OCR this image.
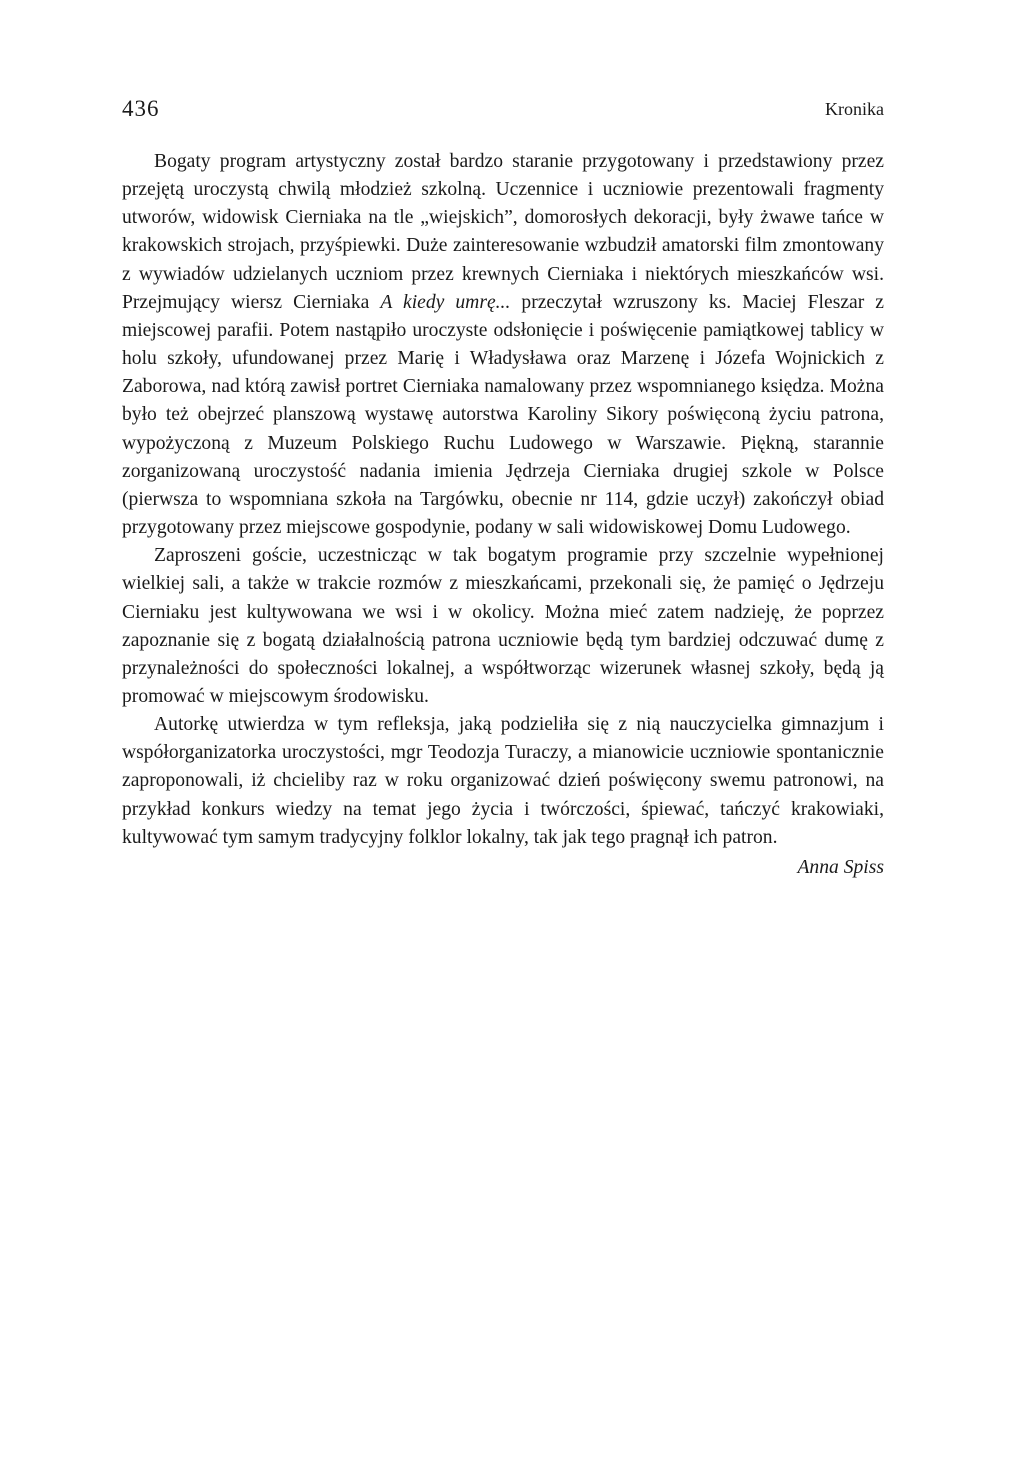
436	Kronika

Bogaty program artystyczny został bardzo staranie przygotowany i przedstawiony przez przejętą uroczystą chwilą młodzież szkolną. Uczennice i uczniowie prezentowali fragmenty utworów, widowisk Cierniaka na tle „wiejskich”, domorosłych dekoracji, były żwawe tańce w krakowskich strojach, przyśpiewki. Duże zainteresowanie wzbudził amatorski film zmontowany z wywiadów udzielanych uczniom przez krewnych Cierniaka i niektórych mieszkańców wsi. Przejmujący wiersz Cierniaka A kiedy umrę... przeczytał wzruszony ks. Maciej Fleszar z miejscowej parafii. Potem nastąpiło uroczyste odsłonięcie i poświęcenie pamiątkowej tablicy w holu szkoły, ufundowanej przez Marię i Władysława oraz Marzenę i Józefa Wojnickich z Zaborowa, nad którą zawisł portret Cierniaka namalowany przez wspomnianego księdza. Można było też obejrzeć planszową wystawę autorstwa Karoliny Sikory poświęconą życiu patrona, wypożyczoną z Muzeum Polskiego Ruchu Ludowego w Warszawie. Piękną, starannie zorganizowaną uroczystość nadania imienia Jędrzeja Cierniaka drugiej szkole w Polsce (pierwsza to wspomniana szkoła na Targówku, obecnie nr 114, gdzie uczył) zakończył obiad przygotowany przez miejscowe gospodynie, podany w sali widowiskowej Domu Ludowego.

Zaproszeni goście, uczestnicząc w tak bogatym programie przy szczelnie wypełnionej wielkiej sali, a także w trakcie rozmów z mieszkańcami, przekonali się, że pamięć o Jędrzeju Cierniaku jest kultywowana we wsi i w okolicy. Można mieć zatem nadzieję, że poprzez zapoznanie się z bogatą działalnością patrona uczniowie będą tym bardziej odczuwać dumę z przynależności do społeczności lokalnej, a współtworząc wizerunek własnej szkoły, będą ją promować w miejscowym środowisku.

Autorkę utwierdza w tym refleksja, jaką podzieliła się z nią nauczycielka gimnazjum i współorganizatorka uroczystości, mgr Teodozja Turaczy, a mianowicie uczniowie spontanicznie zaproponowali, iż chcieliby raz w roku organizować dzień poświęcony swemu patronowi, na przykład konkurs wiedzy na temat jego życia i twórczości, śpiewać, tańczyć krakowiaki, kultywować tym samym tradycyjny folklor lokalny, tak jak tego pragnął ich patron.

Anna Spiss
